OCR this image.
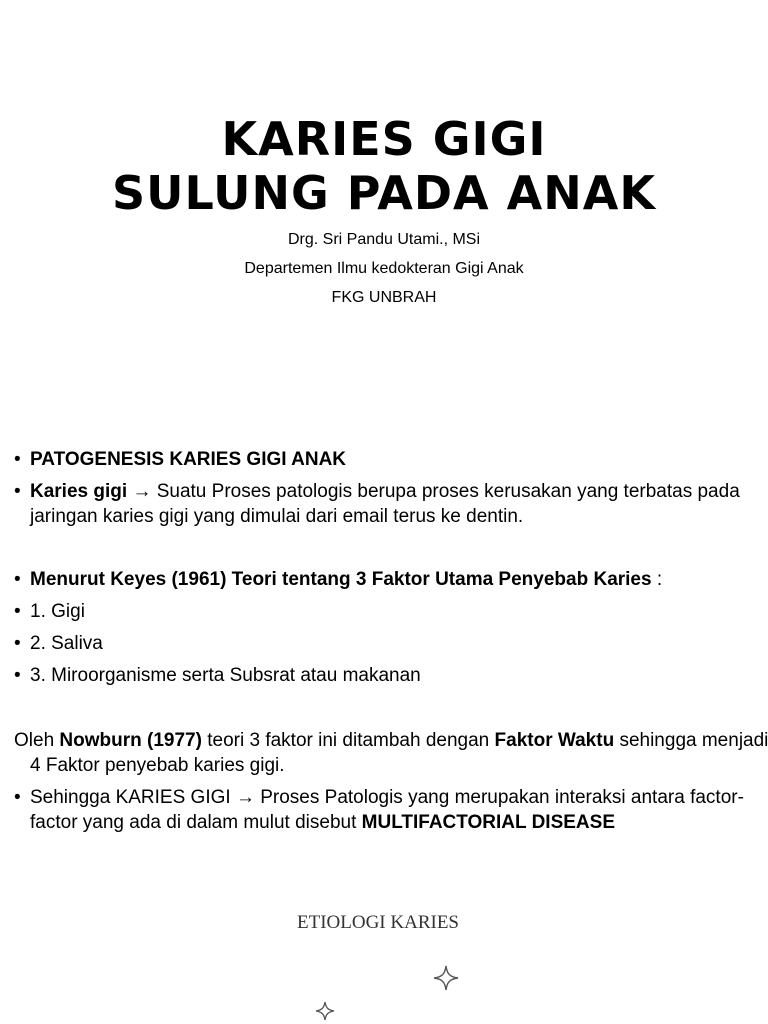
KARIES GIGI
SULUNG PADA ANAK
Drg. Sri Pandu Utami., MSi
Departemen Ilmu kedokteran Gigi Anak
FKG UNBRAH
• PATOGENESIS KARIES GIGI ANAK
• Karies gigi → Suatu Proses patologis berupa proses kerusakan yang terbatas pada jaringan karies gigi yang dimulai dari email terus ke dentin.
• Menurut Keyes (1961) Teori tentang 3 Faktor Utama Penyebab Karies :
• 1. Gigi
• 2. Saliva
• 3. Miroorganisme serta Subsrat atau makanan
Oleh Nowburn (1977) teori 3 faktor ini ditambah dengan Faktor Waktu sehingga menjadi 4 Faktor penyebab karies gigi.
• Sehingga KARIES GIGI → Proses Patologis yang merupakan interaksi antara factor-factor yang ada di dalam mulut disebut MULTIFACTORIAL DISEASE
ETIOLOGI KARIES
